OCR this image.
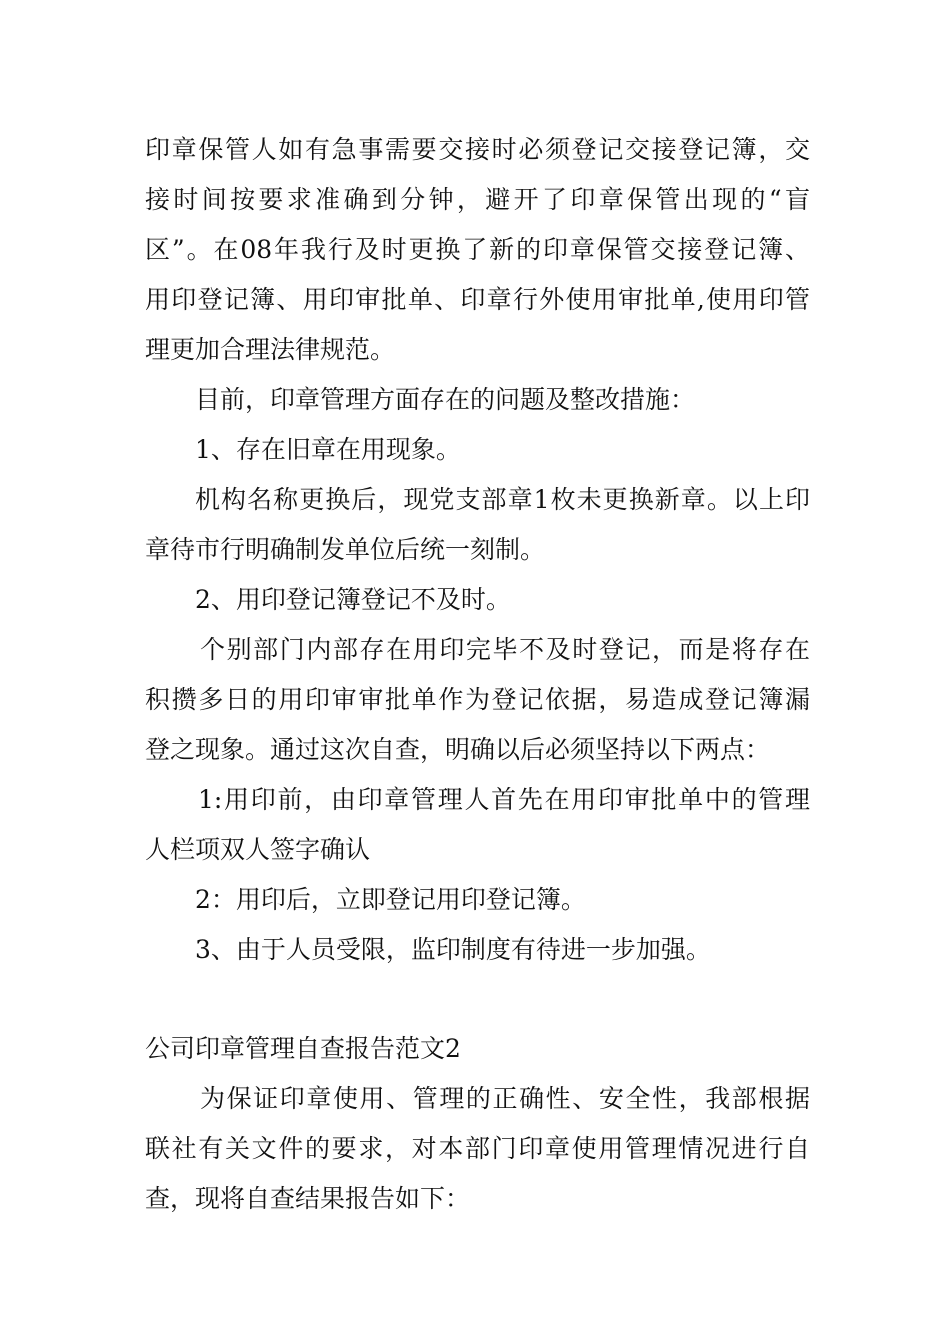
印章保管人如有急事需要交接时必须登记交接登记簿，交
接时间按要求准确到分钟，避开了印章保管出现的“盲
区”。在08年我行及时更换了新的印章保管交接登记簿、
用印登记簿、用印审批单、印章行外使用审批单,使用印管
理更加合理法律规范。
目前，印章管理方面存在的问题及整改措施：
1、存在旧章在用现象。
机构名称更换后，现党支部章1枚未更换新章。以上印
章待市行明确制发单位后统一刻制。
2、用印登记簿登记不及时。
个别部门内部存在用印完毕不及时登记，而是将存在
积攒多日的用印审审批单作为登记依据，易造成登记簿漏
登之现象。通过这次自查，明确以后必须坚持以下两点：
1:用印前，由印章管理人首先在用印审批单中的管理
人栏项双人签字确认
2：用印后，立即登记用印登记簿。
3、由于人员受限，监印制度有待进一步加强。
公司印章管理自查报告范文2
为保证印章使用、管理的正确性、安全性，我部根据
联社有关文件的要求，对本部门印章使用管理情况进行自
查，现将自查结果报告如下：
